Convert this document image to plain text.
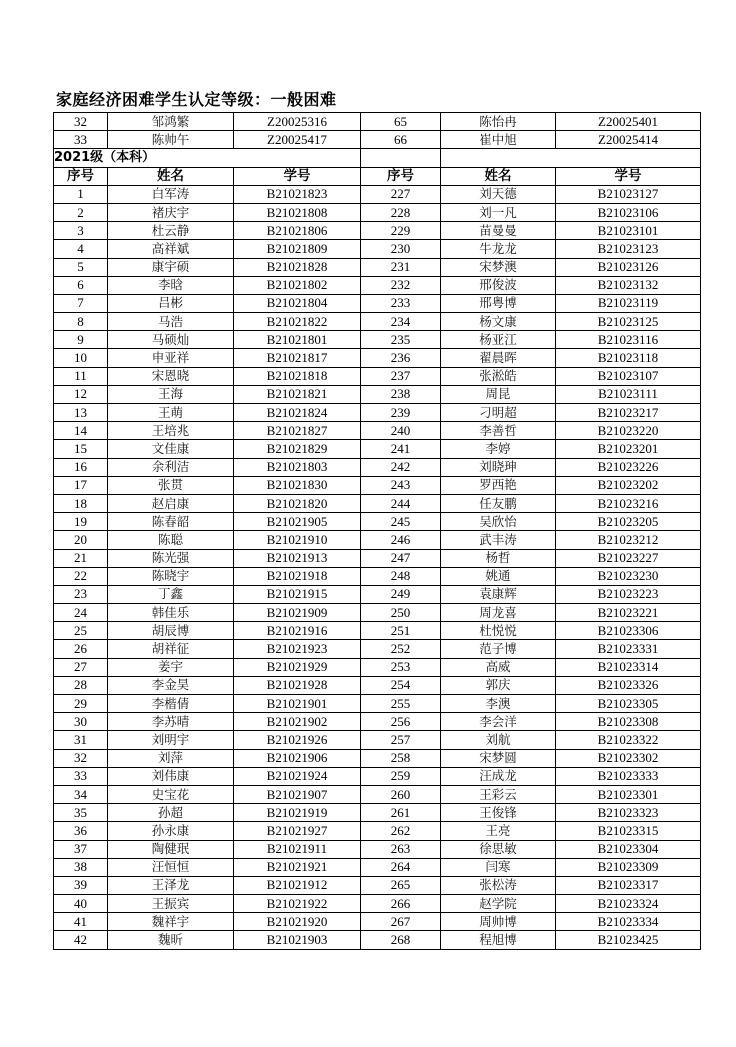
家庭经济困难学生认定等级：一般困难
32	邹鸿繁	Z20025316	65	陈怡冉	Z20025401
33	陈帅午	Z20025417	66	崔中旭	Z20025414
2021级（本科）					
序号	姓名	学号	序号	姓名	学号
1	白军涛	B21021823	227	刘天德	B21023127
2	褚庆宇	B21021808	228	刘一凡	B21023106
3	杜云静	B21021806	229	苗曼曼	B21023101
4	高祥斌	B21021809	230	牛龙龙	B21023123
5	康宇硕	B21021828	231	宋梦澳	B21023126
6	李晗	B21021802	232	邢俊波	B21023132
7	吕彬	B21021804	233	邢粤博	B21023119
8	马浩	B21021822	234	杨文康	B21023125
9	马硕灿	B21021801	235	杨亚江	B21023116
10	申亚祥	B21021817	236	翟晨晖	B21023118
11	宋恩晓	B21021818	237	张淞皓	B21023107
12	王海	B21021821	238	周昆	B21023111
13	王萌	B21021824	239	刁明超	B21023217
14	王培兆	B21021827	240	李善哲	B21023220
15	文佳康	B21021829	241	李婷	B21023201
16	余利洁	B21021803	242	刘晓珅	B21023226
17	张贯	B21021830	243	罗西艳	B21023202
18	赵启康	B21021820	244	任友鹏	B21023216
19	陈春韶	B21021905	245	吴欣怡	B21023205
20	陈聪	B21021910	246	武丰涛	B21023212
21	陈光强	B21021913	247	杨哲	B21023227
22	陈晓宇	B21021918	248	姚通	B21023230
23	丁鑫	B21021915	249	袁康辉	B21023223
24	韩佳乐	B21021909	250	周龙喜	B21023221
25	胡辰博	B21021916	251	杜悦悦	B21023306
26	胡祥征	B21021923	252	范子博	B21023331
27	姜宇	B21021929	253	高威	B21023314
28	李金昊	B21021928	254	郭庆	B21023326
29	李楷倩	B21021901	255	李澳	B21023305
30	李苏晴	B21021902	256	李会洋	B21023308
31	刘明宇	B21021926	257	刘航	B21023322
32	刘萍	B21021906	258	宋梦圆	B21023302
33	刘伟康	B21021924	259	汪成龙	B21023333
34	史宝花	B21021907	260	王彩云	B21023301
35	孙超	B21021919	261	王俊锋	B21023323
36	孙永康	B21021927	262	王亮	B21023315
37	陶健珉	B21021911	263	徐思敏	B21023304
38	汪恒恒	B21021921	264	闫寒	B21023309
39	王泽龙	B21021912	265	张松涛	B21023317
40	王振宾	B21021922	266	赵学院	B21023324
41	魏祥宇	B21021920	267	周帅博	B21023334
42	魏昕	B21021903	268	程旭博	B21023425
